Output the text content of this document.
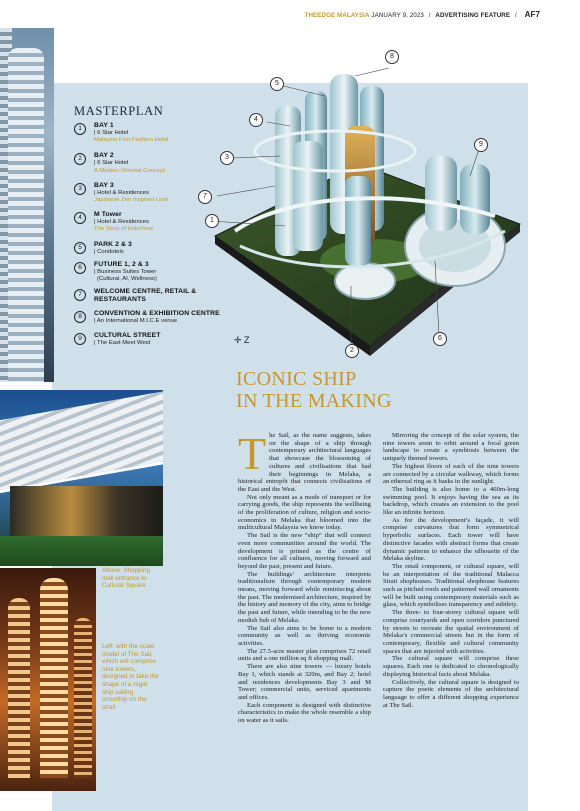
THEEDGE MALAYSIA JANUARY 9, 2023 / ADVERTISING FEATURE / AF7
Above: Shopping mall entrance to Cultural Square
Left: with the scale model of The Sail, which will comprise nine towers, designed to take the shape of a regal ship sailing smoothly on the strait
MASTERPLAN
1	BAY 1
| 6 Star Hotel
Malaysia First Fashion Hotel
2	BAY 2
| 6 Star Hotel
A Modern Oriental Concept
3	BAY 3
| Hotel & Residences
Japanese Zen Inspired Look
4	M Tower
| Hotel & Residences
The Story of Indochine
5	PARK 2 & 3
| Condotels
6	FUTURE 1, 2 & 3
| Business Suites Tower
(Cultural, AI, Wellness)
7	WELCOME CENTRE, RETAIL & RESTAURANTS
8	CONVENTION & EXHIBITION CENTRE
| An International M.I.C.E venue
9	CULTURAL STREET
| The East Meet West
8
5
4
3
7
1
9
2
6
✛ Z
ICONIC SHIP
IN THE MAKING
T he Sail, as the name suggests, takes on the shape of a ship through contemporary architectural languages that showcase the blossoming of cultures and civilisations that had their beginnings in Melaka, a historical entrepôt that connects civilisations of the East and the West.

Not only meant as a mode of transport or for carrying goods, the ship represents the wellbeing of the proliferation of culture, religion and socio-economics in Melaka that bloomed into the multicultural Malaysia we know today.

The Sail is the new “ship” that will connect even more communities around the world. The development is primed as the centre of confluence for all cultures, moving forward and beyond the past, present and future.

The buildings’ architecture interprets traditionalism through contemporary modern means, moving forward while reminiscing about the past. The modernised architecture, inspired by the history and memory of the city, aims to bridge the past and future, while intending to be the new modish hub of Melaka.

The Sail also aims to be home to a modern community as well as thriving economic activities.

The 27.5-acre master plan comprises 72 retail units and a one million sq ft shopping mall.

There are also nine towers — luxury hotels Bay 1, which stands at 320m, and Bay 2; hotel and residences developments Bay 3 and M Tower; commercial units, serviced apartments and offices.

Each component is designed with distinctive characteristics to make the whole resemble a ship on water as it sails.

Mirroring the concept of the solar system, the nine towers seem to orbit around a focal green landscape to create a symbiosis between the uniquely themed towers.

The highest floors of each of the nine towers are connected by a circular walkway, which forms an ethereal ring as it basks in the sunlight.

The building is also home to a 460m-long swimming pool. It enjoys having the sea as its backdrop, which creates an extension to the pool like an infinite horizon.

As for the development’s façade, it will comprise curvatures that form symmetrical hyperbolic surfaces. Each tower will have distinctive facades with abstract forms that create dynamic patterns to enhance the silhouette of the Melaka skyline.

The retail component, or cultural square, will be an interpretation of the traditional Malacca Strait shophouses. Traditional shophouse features such as pitched roofs and patterned wall ornaments will be built using contemporary materials such as glass, which symbolises transparency and subtlety.

The three- to four-storey cultural square will comprise courtyards and open corridors punctured by streets to recreate the spatial environment of Melaka’s commercial streets but in the form of contemporary, flexible and cultural community spaces that are injected with activities.

The cultural square will comprise three squares. Each one is dedicated to chronologically displaying historical facts about Melaka.

Collectively, the cultural square is designed to capture the poetic elements of the architectural language to offer a different shopping experience at The Sail.
